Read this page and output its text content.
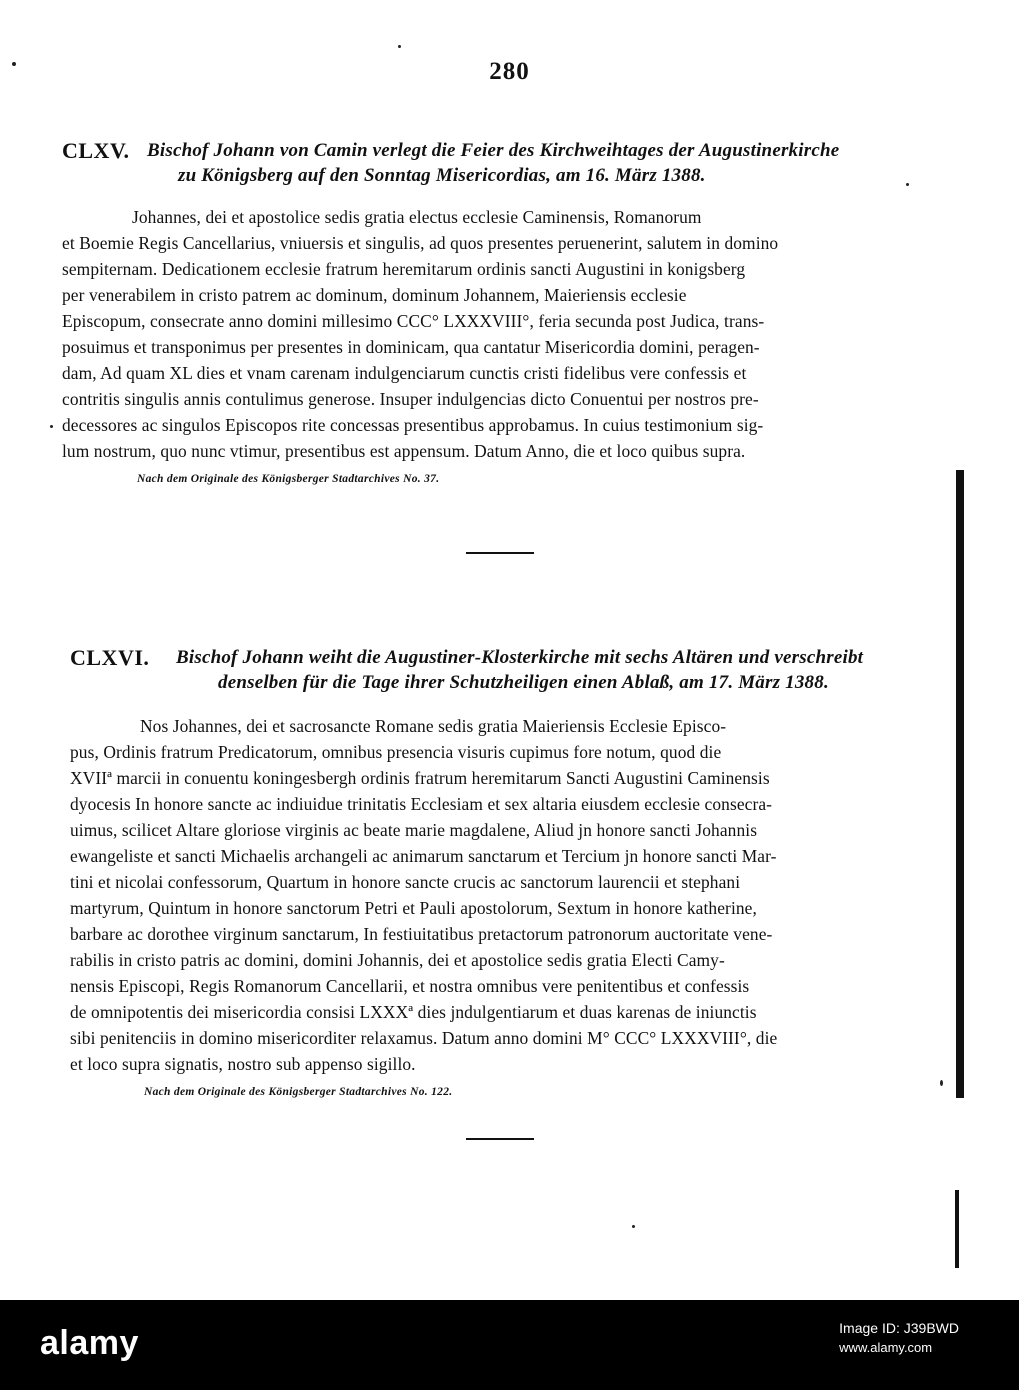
280
CLXV. Bischof Johann von Camin verlegt die Feier des Kirchweihtages der Augustinerkirche
zu Königsberg auf den Sonntag Misericordias, am 16. März 1388.
Johannes, dei et apostolice sedis gratia electus ecclesie Caminensis, Romanorum
et Boemie Regis Cancellarius, vniuersis et singulis, ad quos presentes peruenerint, salutem in domino
sempiternam. Dedicationem ecclesie fratrum heremitarum ordinis sancti Augustini in konigsberg
per venerabilem in cristo patrem ac dominum, dominum Johannem, Maieriensis ecclesie
Episcopum, consecrate anno domini millesimo CCC° LXXXVIII°, feria secunda post Judica, trans-
posuimus et transponimus per presentes in dominicam, qua cantatur Misericordia domini, peragen-
dam, Ad quam XL dies et vnam carenam indulgenciarum cunctis cristi fidelibus vere confessis et
contritis singulis annis contulimus generose. Insuper indulgencias dicto Conuentui per nostros pre-
decessores ac singulos Episcopos rite concessas presentibus approbamus. In cuius testimonium sig-
lum nostrum, quo nunc vtimur, presentibus est appensum. Datum Anno, die et loco quibus supra.
Nach dem Originale des Königsberger Stadtarchives No. 37.
CLXVI. Bischof Johann weiht die Augustiner-Klosterkirche mit sechs Altären und verschreibt
denselben für die Tage ihrer Schutzheiligen einen Ablaß, am 17. März 1388.
Nos Johannes, dei et sacrosancte Romane sedis gratia Maieriensis Ecclesie Episco-
pus, Ordinis fratrum Predicatorum, omnibus presencia visuris cupimus fore notum, quod die
XVIIª marcii in conuentu koningesbergh ordinis fratrum heremitarum Sancti Augustini Caminensis
dyocesis In honore sancte ac indiuidue trinitatis Ecclesiam et sex altaria eiusdem ecclesie consecra-
uimus, scilicet Altare gloriose virginis ac beate marie magdalene, Aliud jn honore sancti Johannis
ewangeliste et sancti Michaelis archangeli ac animarum sanctarum et Tercium jn honore sancti Mar-
tini et nicolai confessorum, Quartum in honore sancte crucis ac sanctorum laurencii et stephani
martyrum, Quintum in honore sanctorum Petri et Pauli apostolorum, Sextum in honore katherine,
barbare ac dorothee virginum sanctarum, In festiuitatibus pretactorum patronorum auctoritate vene-
rabilis in cristo patris ac domini, domini Johannis, dei et apostolice sedis gratia Electi Camy-
nensis Episcopi, Regis Romanorum Cancellarii, et nostra omnibus vere penitentibus et confessis
de omnipotentis dei misericordia consisi LXXXª dies jndulgentiarum et duas karenas de iniunctis
sibi penitenciis in domino misericorditer relaxamus. Datum anno domini M° CCC° LXXXVIII°, die
et loco supra signatis, nostro sub appenso sigillo.
Nach dem Originale des Königsberger Stadtarchives No. 122.
alamy	Image ID: J39BWD
www.alamy.com
